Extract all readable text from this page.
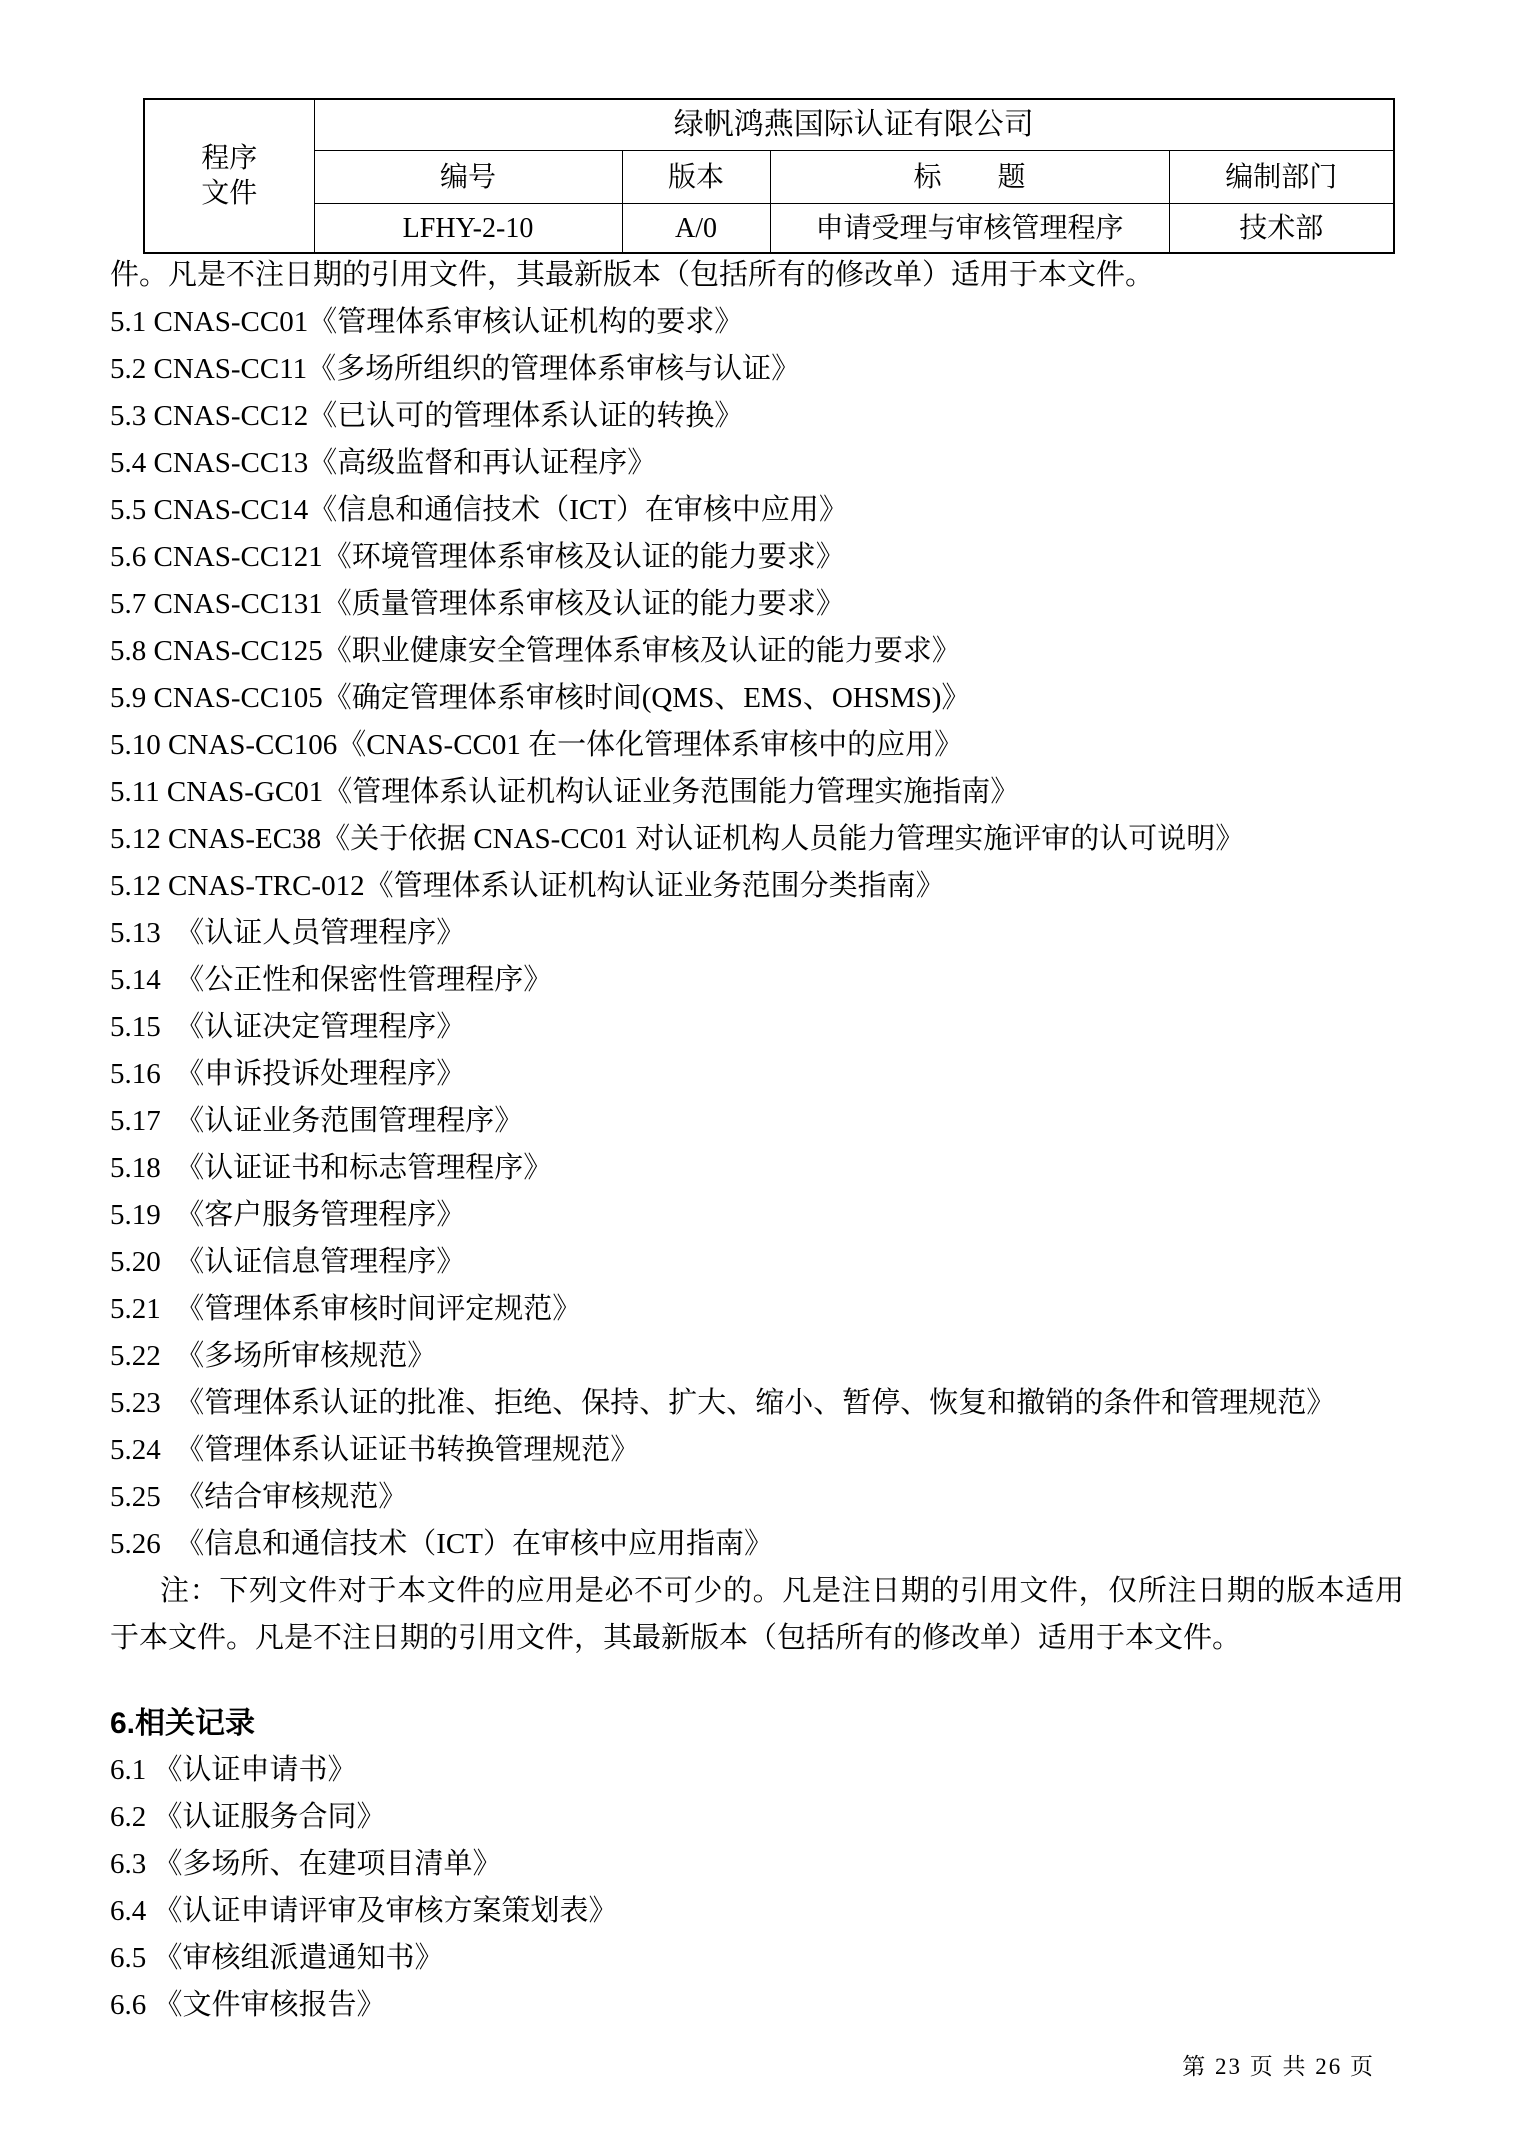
程序
文件	绿帆鸿燕国际认证有限公司			
	编号	版本	标　　题	编制部门
	LFHY-2-10	A/0	申请受理与审核管理程序	技术部

件。凡是不注日期的引用文件，其最新版本（包括所有的修改单）适用于本文件。

5.1 CNAS-CC01《管理体系审核认证机构的要求》

5.2 CNAS-CC11《多场所组织的管理体系审核与认证》

5.3 CNAS-CC12《已认可的管理体系认证的转换》

5.4 CNAS-CC13《高级监督和再认证程序》

5.5 CNAS-CC14《信息和通信技术（ICT）在审核中应用》

5.6 CNAS-CC121《环境管理体系审核及认证的能力要求》

5.7 CNAS-CC131《质量管理体系审核及认证的能力要求》

5.8 CNAS-CC125《职业健康安全管理体系审核及认证的能力要求》

5.9 CNAS-CC105《确定管理体系审核时间(QMS、EMS、OHSMS)》

5.10 CNAS-CC106《CNAS-CC01 在一体化管理体系审核中的应用》

5.11 CNAS-GC01《管理体系认证机构认证业务范围能力管理实施指南》

5.12 CNAS-EC38《关于依据 CNAS-CC01 对认证机构人员能力管理实施评审的认可说明》

5.12 CNAS-TRC-012《管理体系认证机构认证业务范围分类指南》

5.13  《认证人员管理程序》

5.14  《公正性和保密性管理程序》

5.15  《认证决定管理程序》

5.16  《申诉投诉处理程序》

5.17  《认证业务范围管理程序》

5.18  《认证证书和标志管理程序》

5.19  《客户服务管理程序》

5.20  《认证信息管理程序》

5.21  《管理体系审核时间评定规范》

5.22  《多场所审核规范》

5.23  《管理体系认证的批准、拒绝、保持、扩大、缩小、暂停、恢复和撤销的条件和管理规范》

5.24  《管理体系认证证书转换管理规范》

5.25  《结合审核规范》

5.26  《信息和通信技术（ICT）在审核中应用指南》

注：下列文件对于本文件的应用是必不可少的。凡是注日期的引用文件，仅所注日期的版本适用于本文件。凡是不注日期的引用文件，其最新版本（包括所有的修改单）适用于本文件。

6.相关记录

6.1 《认证申请书》

6.2 《认证服务合同》

6.3 《多场所、在建项目清单》

6.4 《认证申请评审及审核方案策划表》

6.5 《审核组派遣通知书》

6.6 《文件审核报告》

第 23 页 共 26 页
